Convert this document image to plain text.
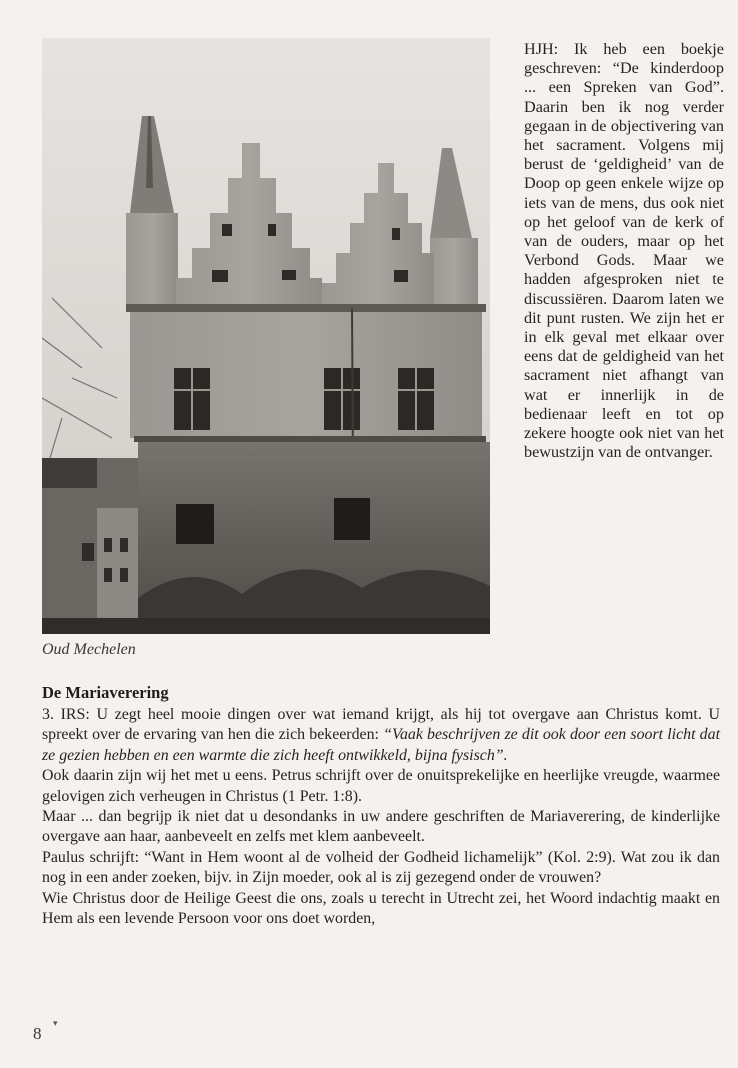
Oud Mechelen

HJH: Ik heb een boekje geschreven: “De kinderdoop ... een Spreken van God”. Daarin ben ik nog verder gegaan in de objectivering van het sacrament. Volgens mij berust de ‘geldigheid’ van de Doop op geen enkele wijze op iets van de mens, dus ook niet op het geloof van de kerk of van de ouders, maar op het Verbond Gods. Maar we hadden afgesproken niet te discussiëren. Daarom laten we dit punt rusten. We zijn het er in elk geval met elkaar over eens dat de geldigheid van het sacrament niet afhangt van wat er innerlijk in de bedienaar leeft en tot op zekere hoogte ook niet van het bewustzijn van de ontvanger.

De Mariaverering

3. IRS: U zegt heel mooie dingen over wat iemand krijgt, als hij tot overgave aan Christus komt. U spreekt over de ervaring van hen die zich bekeerden: “Vaak beschrijven ze dit ook door een soort licht dat ze gezien hebben en een warmte die zich heeft ontwikkeld, bijna fysisch”.

Ook daarin zijn wij het met u eens. Petrus schrijft over de onuitsprekelijke en heerlijke vreugde, waarmee gelovigen zich verheugen in Christus (1 Petr. 1:8).

Maar ... dan begrijp ik niet dat u desondanks in uw andere geschriften de Mariaverering, de kinderlijke overgave aan haar, aanbeveelt en zelfs met klem aanbeveelt.

Paulus schrijft: “Want in Hem woont al de volheid der Godheid lichamelijk” (Kol. 2:9). Wat zou ik dan nog in een ander zoeken, bijv. in Zijn moeder, ook al is zij gezegend onder de vrouwen?

Wie Christus door de Heilige Geest die ons, zoals u terecht in Utrecht zei, het Woord indachtig maakt en Hem als een levende Persoon voor ons doet worden,

8
▾
